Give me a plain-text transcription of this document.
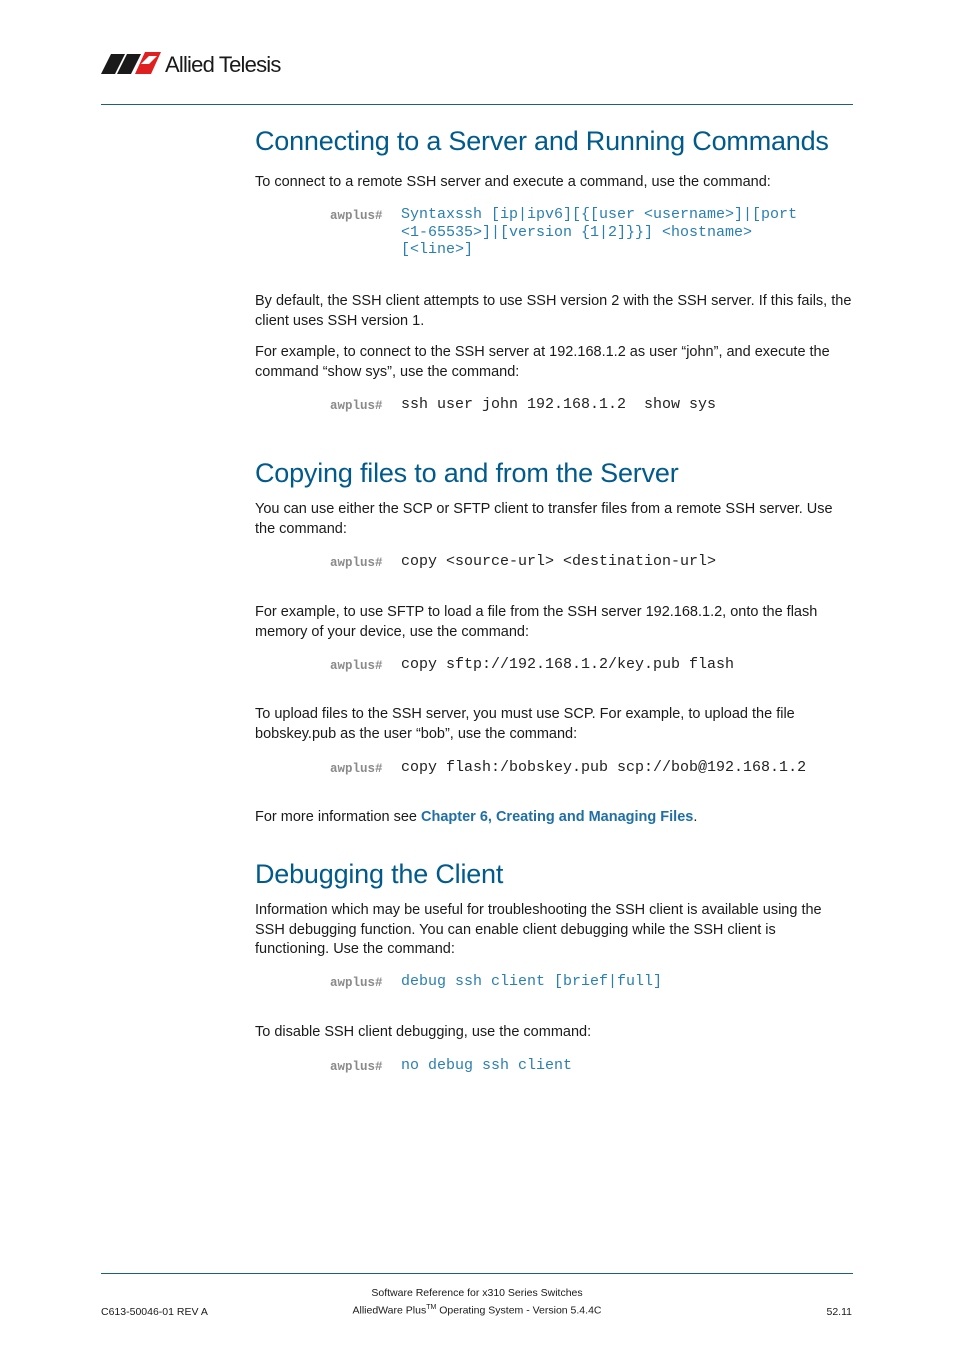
Allied Telesis
Connecting to a Server and Running Commands

To connect to a remote SSH server and execute a command, use the command:

awplus# Syntaxssh [ip|ipv6][{[user <username>]|[port
<1-65535>]|[version {1|2]}}] <hostname>
[<line>]

By default, the SSH client attempts to use SSH version 2 with the SSH server. If this fails, the client uses SSH version 1.

For example, to connect to the SSH server at 192.168.1.2 as user “john”, and execute the command “show sys”, use the command:

awplus# ssh user john 192.168.1.2  show sys
Copying files to and from the Server

You can use either the SCP or SFTP client to transfer files from a remote SSH server. Use the command:

awplus# copy <source-url> <destination-url>

For example, to use SFTP to load a file from the SSH server 192.168.1.2, onto the flash memory of your device, use the command:

awplus# copy sftp://192.168.1.2/key.pub flash

To upload files to the SSH server, you must use SCP. For example, to upload the file bobskey.pub as the user “bob”, use the command:

awplus# copy flash:/bobskey.pub scp://bob@192.168.1.2

For more information see Chapter 6, Creating and Managing Files.

Debugging the Client

Information which may be useful for troubleshooting the SSH client is available using the SSH debugging function. You can enable client debugging while the SSH client is functioning. Use the command:

awplus# debug ssh client [brief|full]

To disable SSH client debugging, use the command:

awplus# no debug ssh client
C613-50046-01 REV A
Software Reference for x310 Series Switches
AlliedWare Plus™ Operating System - Version 5.4.4C	52.11
